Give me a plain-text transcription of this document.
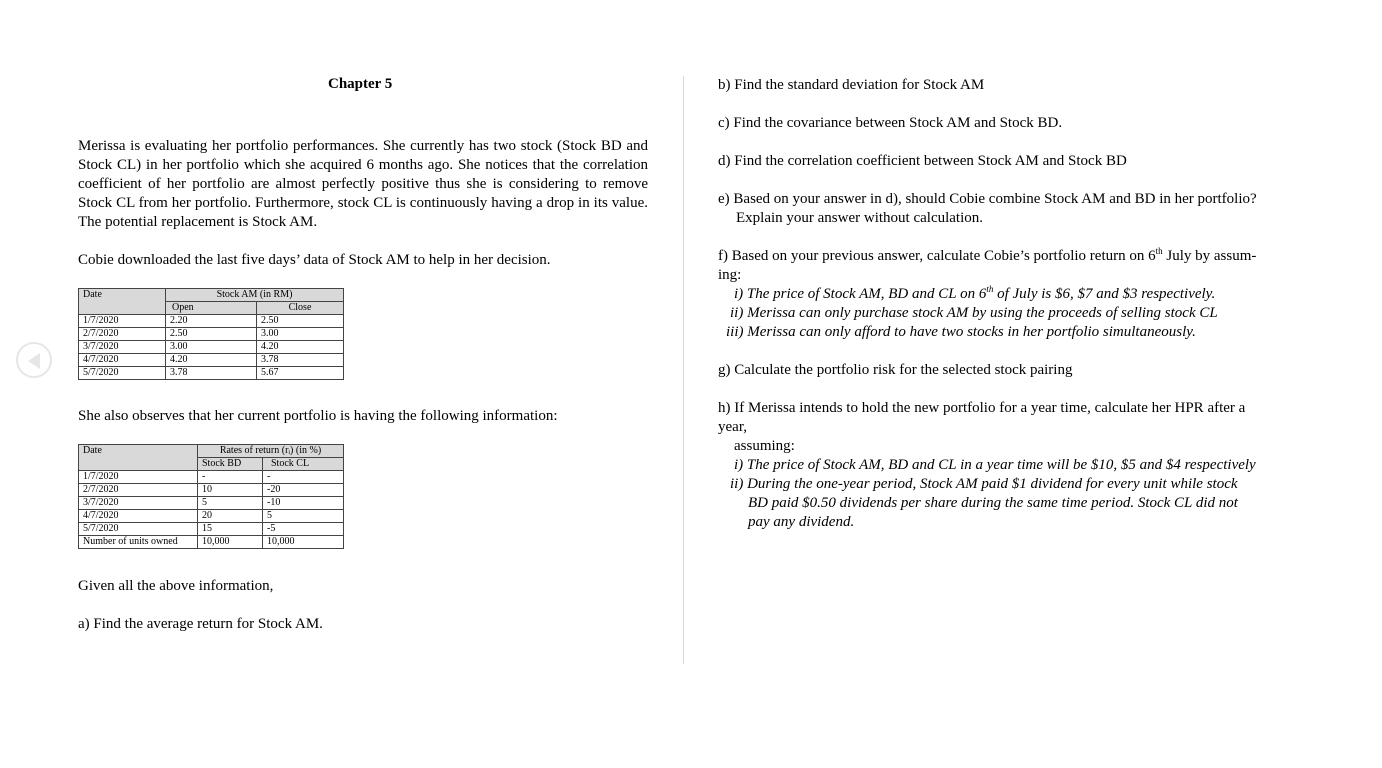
Chapter 5
Merissa is evaluating her portfolio performances. She currently has two stock (Stock BD and Stock CL) in her portfolio which she acquired 6 months ago. She notices that the correlation coefficient of her portfolio are almost perfectly positive thus she is considering to remove Stock CL from her portfolio. Furthermore, stock CL is continuously having a drop in its value. The potential replacement is Stock AM.
Cobie downloaded the last five days’ data of Stock AM to help in her decision.
Date	Stock AM (in RM)	
	Open	Close
1/7/2020	2.20	2.50
2/7/2020	2.50	3.00
3/7/2020	3.00	4.20
4/7/2020	4.20	3.78
5/7/2020	3.78	5.67
She also observes that her current portfolio is having the following information:
Date	Rates of return (rᵢ) (in %)	
	Stock BD	Stock CL
1/7/2020	-	-
2/7/2020	10	-20
3/7/2020	5	-10
4/7/2020	20	5
5/7/2020	15	-5
Number of units owned	10,000	10,000
Given all the above information,
a) Find the average return for Stock AM.
b) Find the standard deviation for Stock AM
c) Find the covariance between Stock AM and Stock BD.
d) Find the correlation coefficient between Stock AM and Stock BD
e) Based on your answer in d), should Cobie combine Stock AM and BD in her portfolio?
Explain your answer without calculation.
f) Based on your previous answer, calculate Cobie’s portfolio return on 6th July by assum-
ing:
i) The price of Stock AM, BD and CL on 6th of July is $6, $7 and $3 respectively.
ii) Merissa can only purchase stock AM by using the proceeds of selling stock CL
iii) Merissa can only afford to have two stocks in her portfolio simultaneously.
g) Calculate the portfolio risk for the selected stock pairing
h) If Merissa intends to hold the new portfolio for a year time, calculate her HPR after a
year,
assuming:
i) The price of Stock AM, BD and CL in a year time will be $10, $5 and $4 respectively
ii) During the one-year period, Stock AM paid $1 dividend for every unit while stock
BD paid $0.50 dividends per share during the same time period. Stock CL did not
pay any dividend.
